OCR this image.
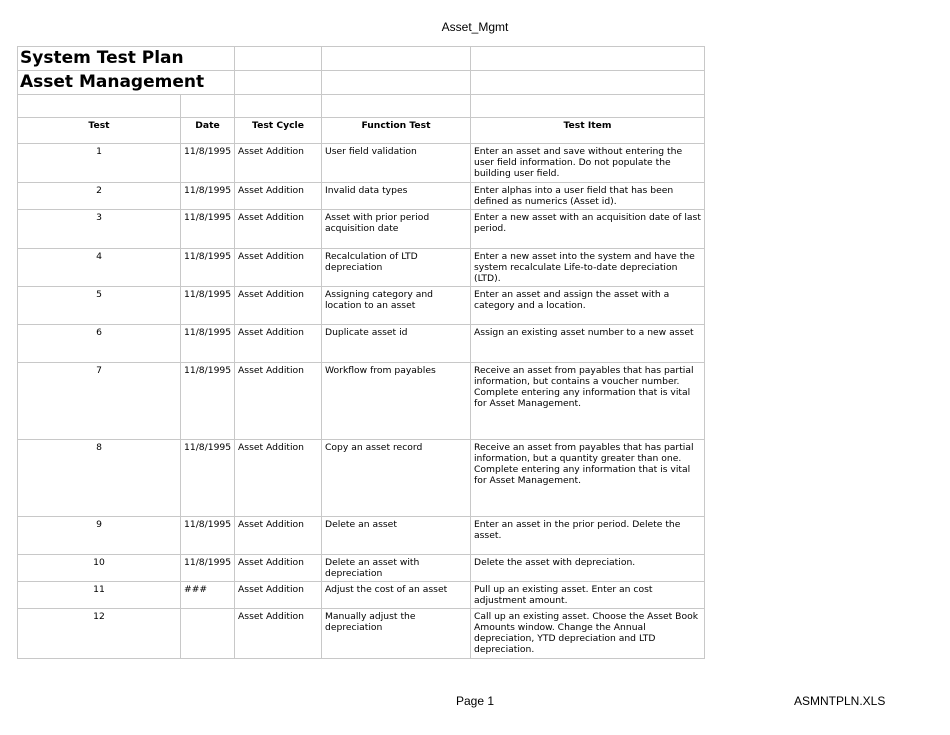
Asset_Mgmt
System Test Plan				
Asset Management				

Test	Date	Test Cycle	Function Test	Test Item
1	11/8/1995	Asset Addition	User field validation	Enter an asset and save without entering the user field information. Do not populate the building user field.
2	11/8/1995	Asset Addition	Invalid data types	Enter alphas into a user field that has been defined as numerics (Asset id).
3	11/8/1995	Asset Addition	Asset with prior period acquisition date	Enter a new asset with an acquisition date of last period.
4	11/8/1995	Asset Addition	Recalculation of LTD depreciation	Enter a new asset into the system and have the system recalculate Life-to-date depreciation (LTD).
5	11/8/1995	Asset Addition	Assigning category and location to an asset	Enter an asset and assign the asset with a category and a location.
6	11/8/1995	Asset Addition	Duplicate asset id	Assign an existing asset number to a new asset
7	11/8/1995	Asset Addition	Workflow from payables	Receive an asset from payables that has partial information, but contains a voucher number. Complete entering any information that is vital for Asset Management.
8	11/8/1995	Asset Addition	Copy an asset record	Receive an asset from payables that has partial information, but a quantity greater than one. Complete entering any information that is vital for Asset Management.
9	11/8/1995	Asset Addition	Delete an asset	Enter an asset in the prior period. Delete the asset.
10	11/8/1995	Asset Addition	Delete an asset with depreciation	Delete the asset with depreciation.
11	###	Asset Addition	Adjust the cost of an asset	Pull up an existing asset. Enter an cost adjustment amount.
12		Asset Addition	Manually adjust the depreciation	Call up an existing asset. Choose the Asset Book Amounts window. Change the Annual depreciation, YTD depreciation and LTD depreciation.
Page 1	ASMNTPLN.XLS
